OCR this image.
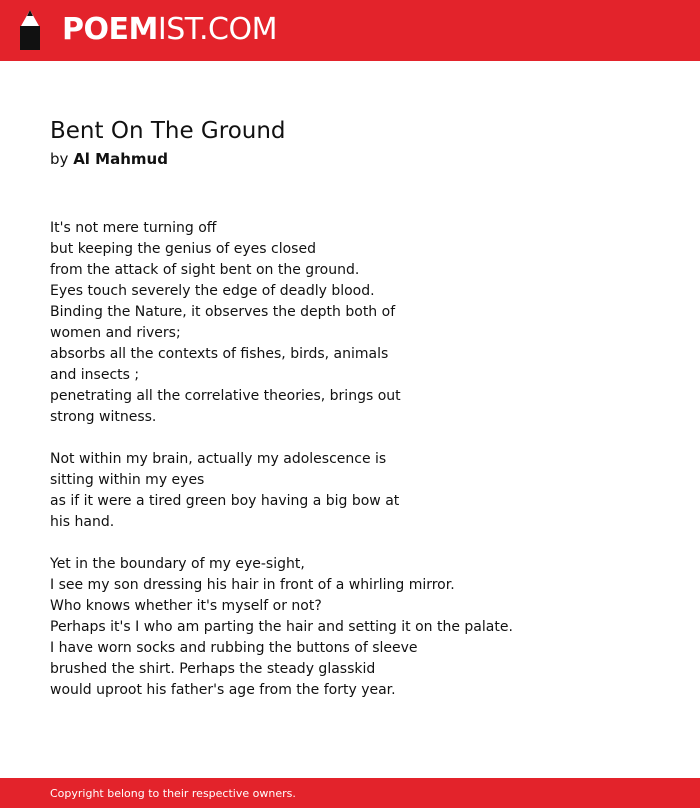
POEMIST.COM
Bent On The Ground
by Al Mahmud
It's not mere turning off
but keeping the genius of eyes closed
from the attack of sight bent on the ground.
Eyes touch severely the edge of deadly blood.
Binding the Nature, it observes the depth both of
women and rivers;
absorbs all the contexts of fishes, birds, animals
and insects ;
penetrating all the correlative theories, brings out
strong witness.
Not within my brain, actually my adolescence is
sitting within my eyes
as if it were a tired green boy having a big bow at
his hand.
Yet in the boundary of my eye-sight,
I see my son dressing his hair in front of a whirling mirror.
Who knows whether it's myself or not?
Perhaps it's I who am parting the hair and setting it on the palate.
I have worn socks and rubbing the buttons of sleeve
brushed the shirt. Perhaps the steady glasskid
would uproot his father's age from the forty year.
Copyright belong to their respective owners.
